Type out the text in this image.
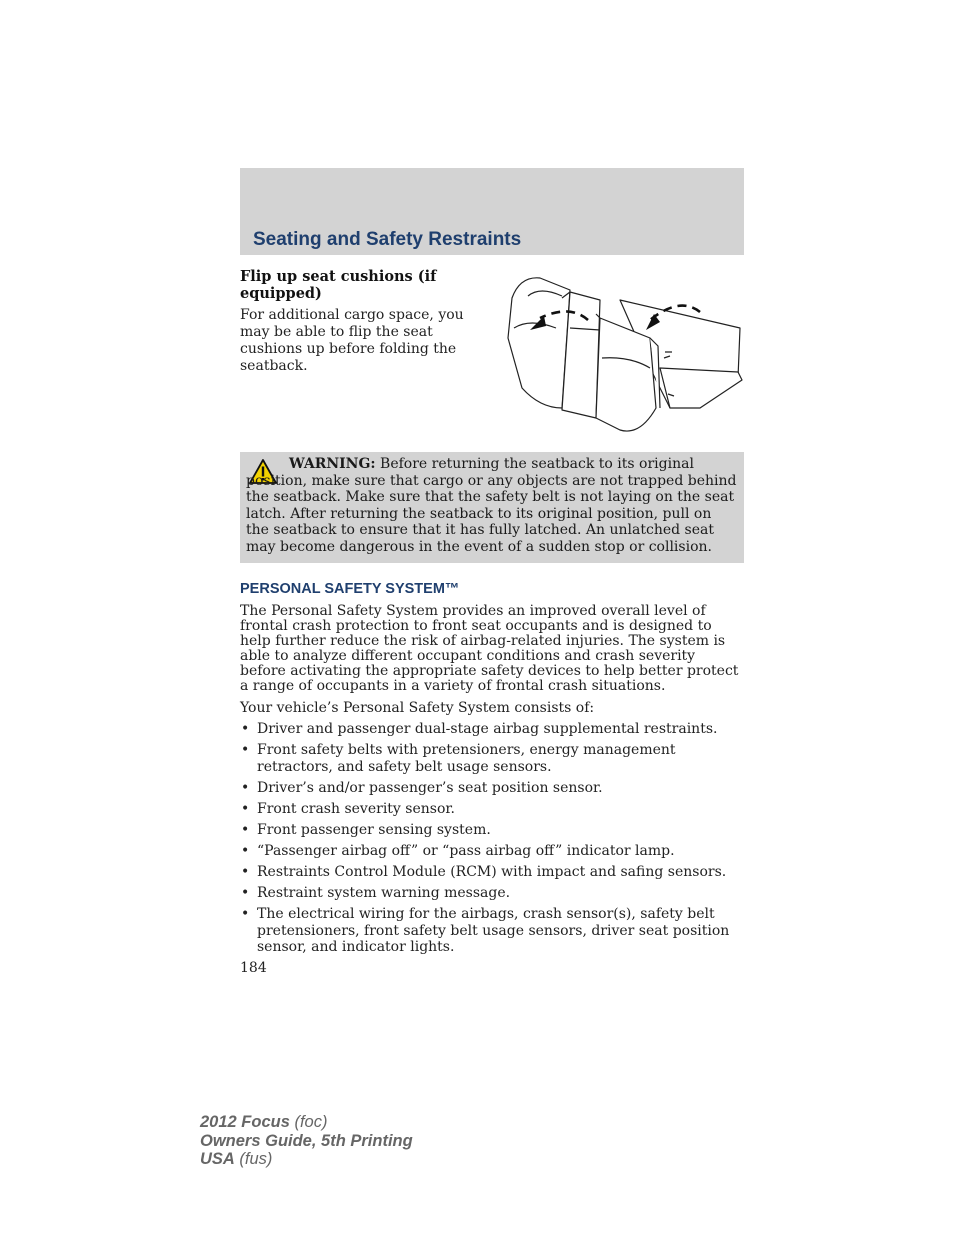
Seating and Safety Restraints
Flip up seat cushions (if equipped)
For additional cargo space, you may be able to flip the seat cushions up before folding the seatback.
WARNING: Before returning the seatback to its original position, make sure that cargo or any objects are not trapped behind the seatback. Make sure that the safety belt is not laying on the seat latch. After returning the seatback to its original position, pull on the seatback to ensure that it has fully latched. An unlatched seat may become dangerous in the event of a sudden stop or collision.
PERSONAL SAFETY SYSTEM™
The Personal Safety System provides an improved overall level of frontal crash protection to front seat occupants and is designed to help further reduce the risk of airbag-related injuries. The system is able to analyze different occupant conditions and crash severity before activating the appropriate safety devices to help better protect a range of occupants in a variety of frontal crash situations.
Your vehicle’s Personal Safety System consists of:
• Driver and passenger dual-stage airbag supplemental restraints.
• Front safety belts with pretensioners, energy management retractors, and safety belt usage sensors.
• Driver’s and/or passenger’s seat position sensor.
• Front crash severity sensor.
• Front passenger sensing system.
• “Passenger airbag off” or “pass airbag off” indicator lamp.
• Restraints Control Module (RCM) with impact and safing sensors.
• Restraint system warning message.
• The electrical wiring for the airbags, crash sensor(s), safety belt pretensioners, front safety belt usage sensors, driver seat position sensor, and indicator lights.
184
2012 Focus (foc)
Owners Guide, 5th Printing
USA (fus)
